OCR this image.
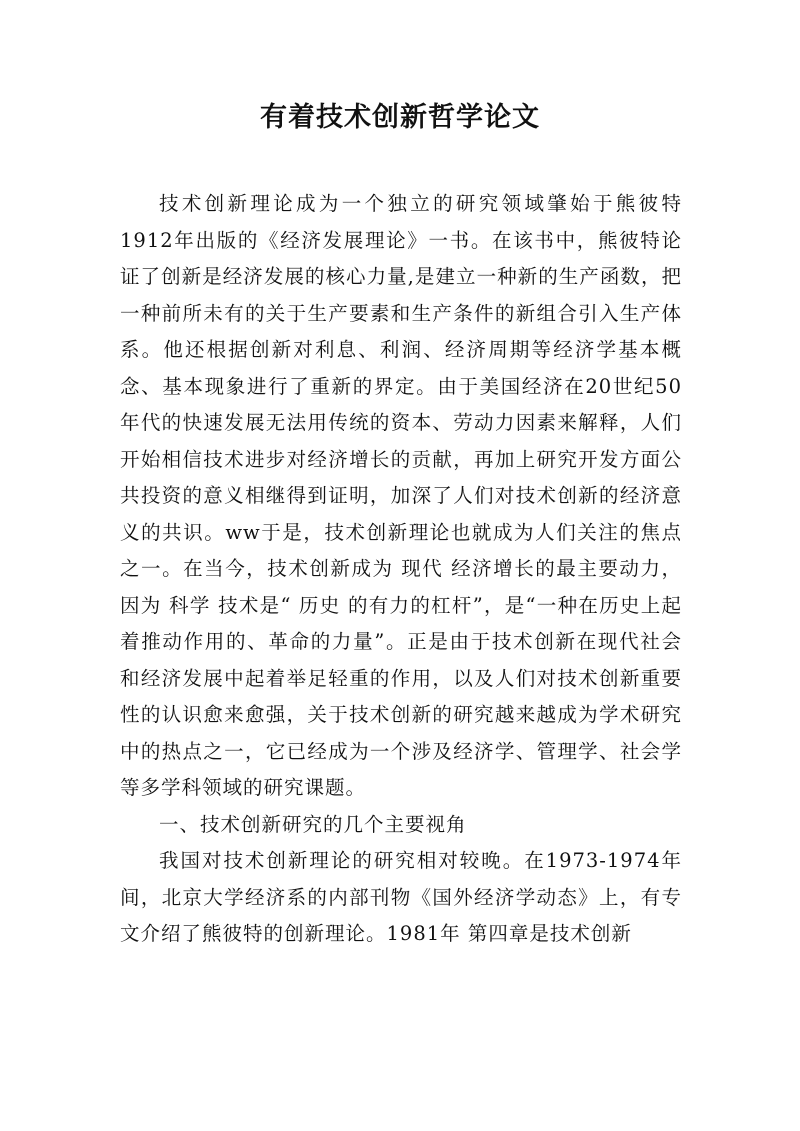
有着技术创新哲学论文

技术创新理论成为一个独立的研究领域肇始于熊彼特1912年出版的《经济发展理论》一书。在该书中，熊彼特论证了创新是经济发展的核心力量,是建立一种新的生产函数，把一种前所未有的关于生产要素和生产条件的新组合引入生产体系。他还根据创新对利息、利润、经济周期等经济学基本概念、基本现象进行了重新的界定。由于美国经济在20世纪50年代的快速发展无法用传统的资本、劳动力因素来解释，人们开始相信技术进步对经济增长的贡献，再加上研究开发方面公共投资的意义相继得到证明，加深了人们对技术创新的经济意义的共识。ww于是，技术创新理论也就成为人们关注的焦点之一。在当今，技术创新成为 现代 经济增长的最主要动力，因为 科学 技术是“ 历史 的有力的杠杆”，是“一种在历史上起着推动作用的、革命的力量”。正是由于技术创新在现代社会和经济发展中起着举足轻重的作用，以及人们对技术创新重要性的认识愈来愈强，关于技术创新的研究越来越成为学术研究中的热点之一，它已经成为一个涉及经济学、管理学、社会学等多学科领域的研究课题。

一、技术创新研究的几个主要视角

我国对技术创新理论的研究相对较晚。在1973-1974年间，北京大学经济系的内部刊物《国外经济学动态》上，有专文介绍了熊彼特的创新理论。1981年 第四章是技术创新
